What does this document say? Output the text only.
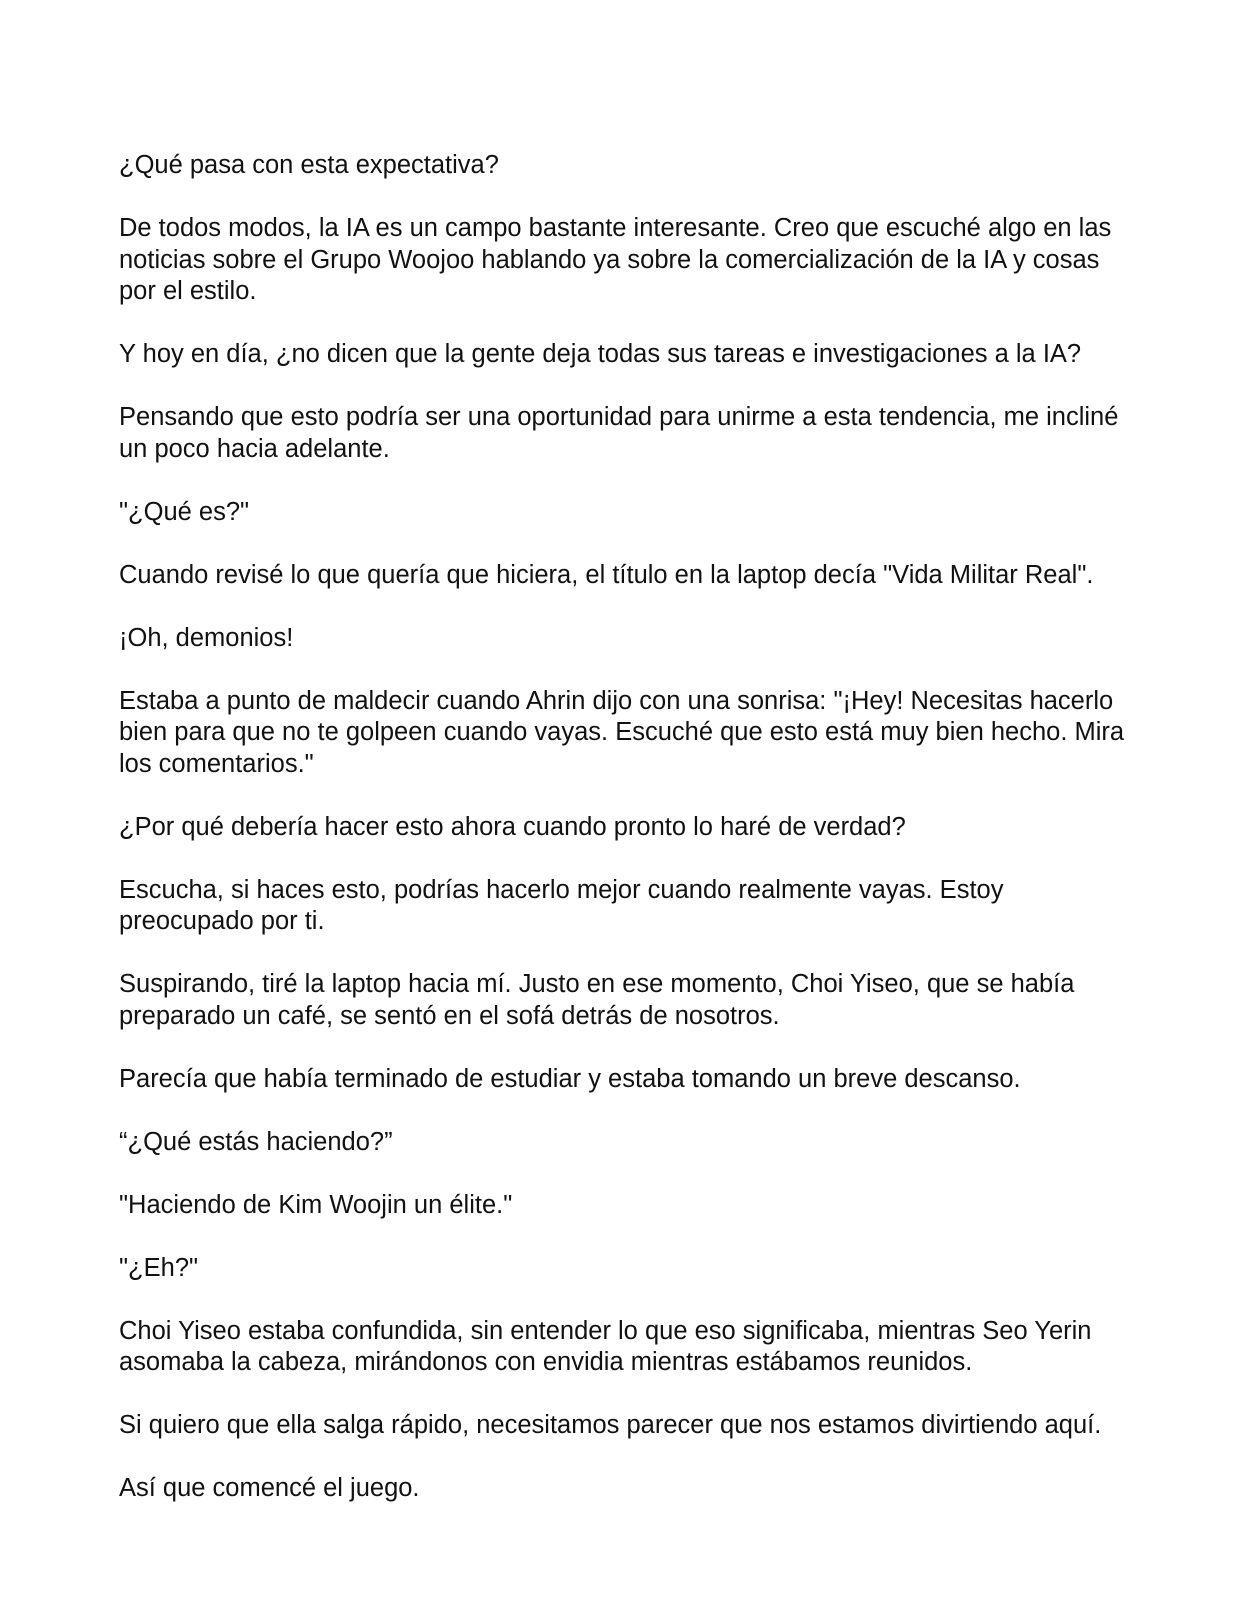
¿Qué pasa con esta expectativa?

De todos modos, la IA es un campo bastante interesante. Creo que escuché algo en las noticias sobre el Grupo Woojoo hablando ya sobre la comercialización de la IA y cosas por el estilo.

Y hoy en día, ¿no dicen que la gente deja todas sus tareas e investigaciones a la IA?

Pensando que esto podría ser una oportunidad para unirme a esta tendencia, me incliné un poco hacia adelante.

"¿Qué es?"

Cuando revisé lo que quería que hiciera, el título en la laptop decía "Vida Militar Real".

¡Oh, demonios!

Estaba a punto de maldecir cuando Ahrin dijo con una sonrisa: "¡Hey! Necesitas hacerlo bien para que no te golpeen cuando vayas. Escuché que esto está muy bien hecho. Mira los comentarios."

¿Por qué debería hacer esto ahora cuando pronto lo haré de verdad?

Escucha, si haces esto, podrías hacerlo mejor cuando realmente vayas. Estoy preocupado por ti.

Suspirando, tiré la laptop hacia mí. Justo en ese momento, Choi Yiseo, que se había preparado un café, se sentó en el sofá detrás de nosotros.

Parecía que había terminado de estudiar y estaba tomando un breve descanso.

“¿Qué estás haciendo?”

"Haciendo de Kim Woojin un élite."

"¿Eh?"

Choi Yiseo estaba confundida, sin entender lo que eso significaba, mientras Seo Yerin asomaba la cabeza, mirándonos con envidia mientras estábamos reunidos.

Si quiero que ella salga rápido, necesitamos parecer que nos estamos divirtiendo aquí.

Así que comencé el juego.
